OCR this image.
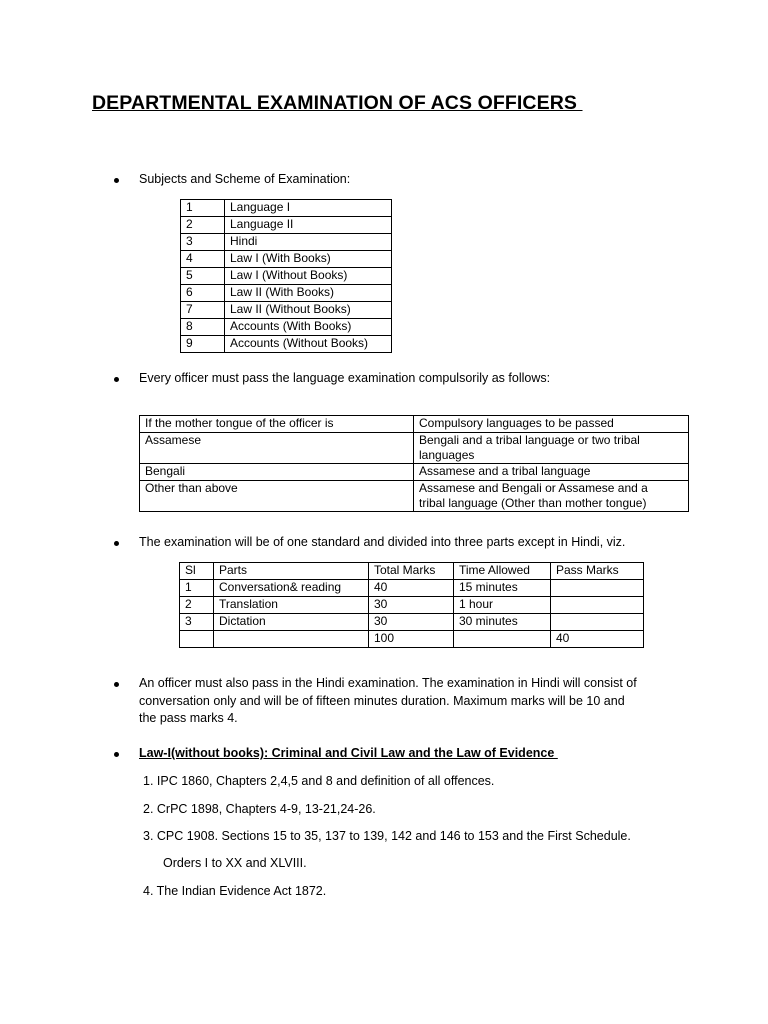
DEPARTMENTAL EXAMINATION OF ACS OFFICERS
Subjects and Scheme of Examination:
1	Language I
2	Language II
3	Hindi
4	Law I (With Books)
5	Law I (Without Books)
6	Law II (With Books)
7	Law II (Without Books)
8	Accounts (With Books)
9	Accounts (Without Books)
Every officer must pass the language examination compulsorily as follows:
If the mother tongue of the officer is	Compulsory languages to be passed
Assamese	Bengali and a tribal language or two tribal
languages

Bengali	Assamese and a tribal language

Other than above	Assamese and Bengali or Assamese and a
tribal language (Other than mother tongue)
The examination will be of one standard and divided into three parts except in Hindi, viz.
Sl	Parts	Total Marks	Time Allowed	Pass Marks
1	Conversation& reading	40	15 minutes	
2	Translation	30	1 hour	
3	Dictation	30	30 minutes	
		100		40
An officer must also pass in the Hindi examination. The examination in Hindi will consist of
conversation only and will be of fifteen minutes duration. Maximum marks will be 10 and
the pass marks 4.
Law-I(without books): Criminal and Civil Law and the Law of Evidence
1. IPC 1860, Chapters 2,4,5 and 8 and definition of all offences.
2. CrPC 1898, Chapters 4-9, 13-21,24-26.
3. CPC 1908. Sections 15 to 35, 137 to 139, 142 and 146 to 153 and the First Schedule.
Orders I to XX and XLVIII.
4. The Indian Evidence Act 1872.
